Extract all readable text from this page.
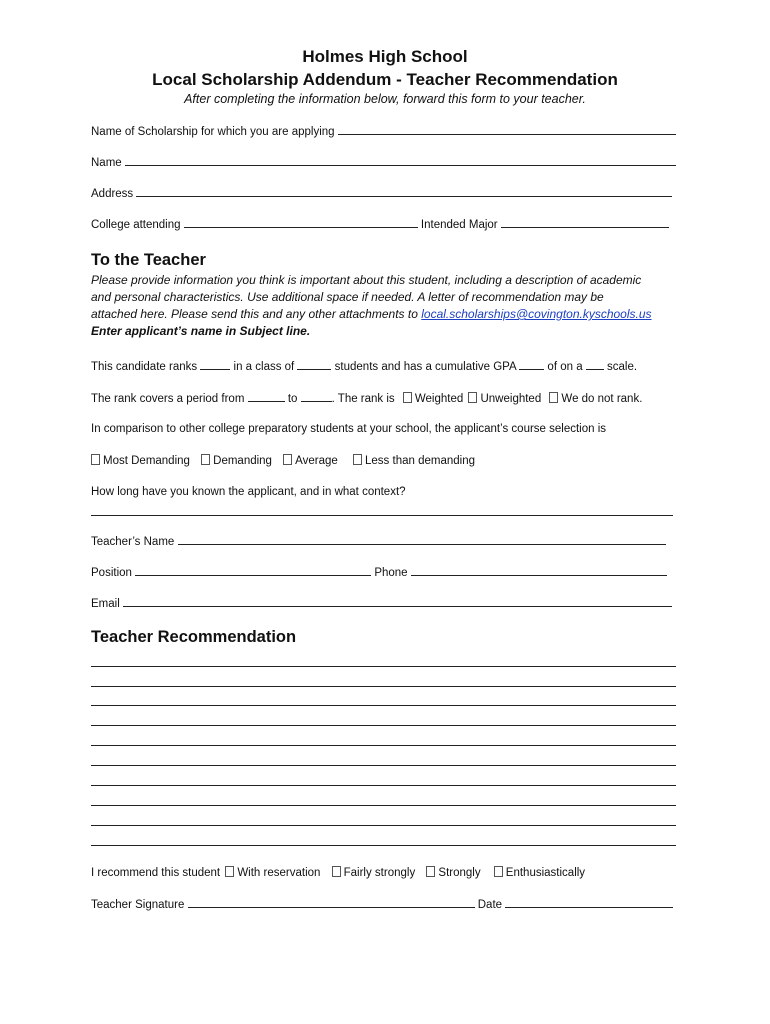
Holmes High School
Local Scholarship Addendum - Teacher Recommendation
After completing the information below, forward this form to your teacher.
Name of Scholarship for which you are applying
Name
Address
College attending	Intended Major
To the Teacher
Please provide information you think is important about this student, including a description of academic
and personal characteristics. Use additional space if needed. A letter of recommendation may be
attached here. Please send this and any other attachments to local.scholarships@covington.kyschools.us
Enter applicant’s name in Subject line.
This candidate ranks	in a class of	students and has a cumulative GPA	of on a scale.
The rank covers a period from	to	. The rank is Weighted Unweighted We do not rank.
In comparison to other college preparatory students at your school, the applicant’s course selection is
Most Demanding Demanding Average Less than demanding
How long have you known the applicant, and in what context?
Teacher’s Name
Position	Phone
Email
Teacher Recommendation
I recommend this student With reservation Fairly strongly Strongly Enthusiastically
Teacher Signature	Date
